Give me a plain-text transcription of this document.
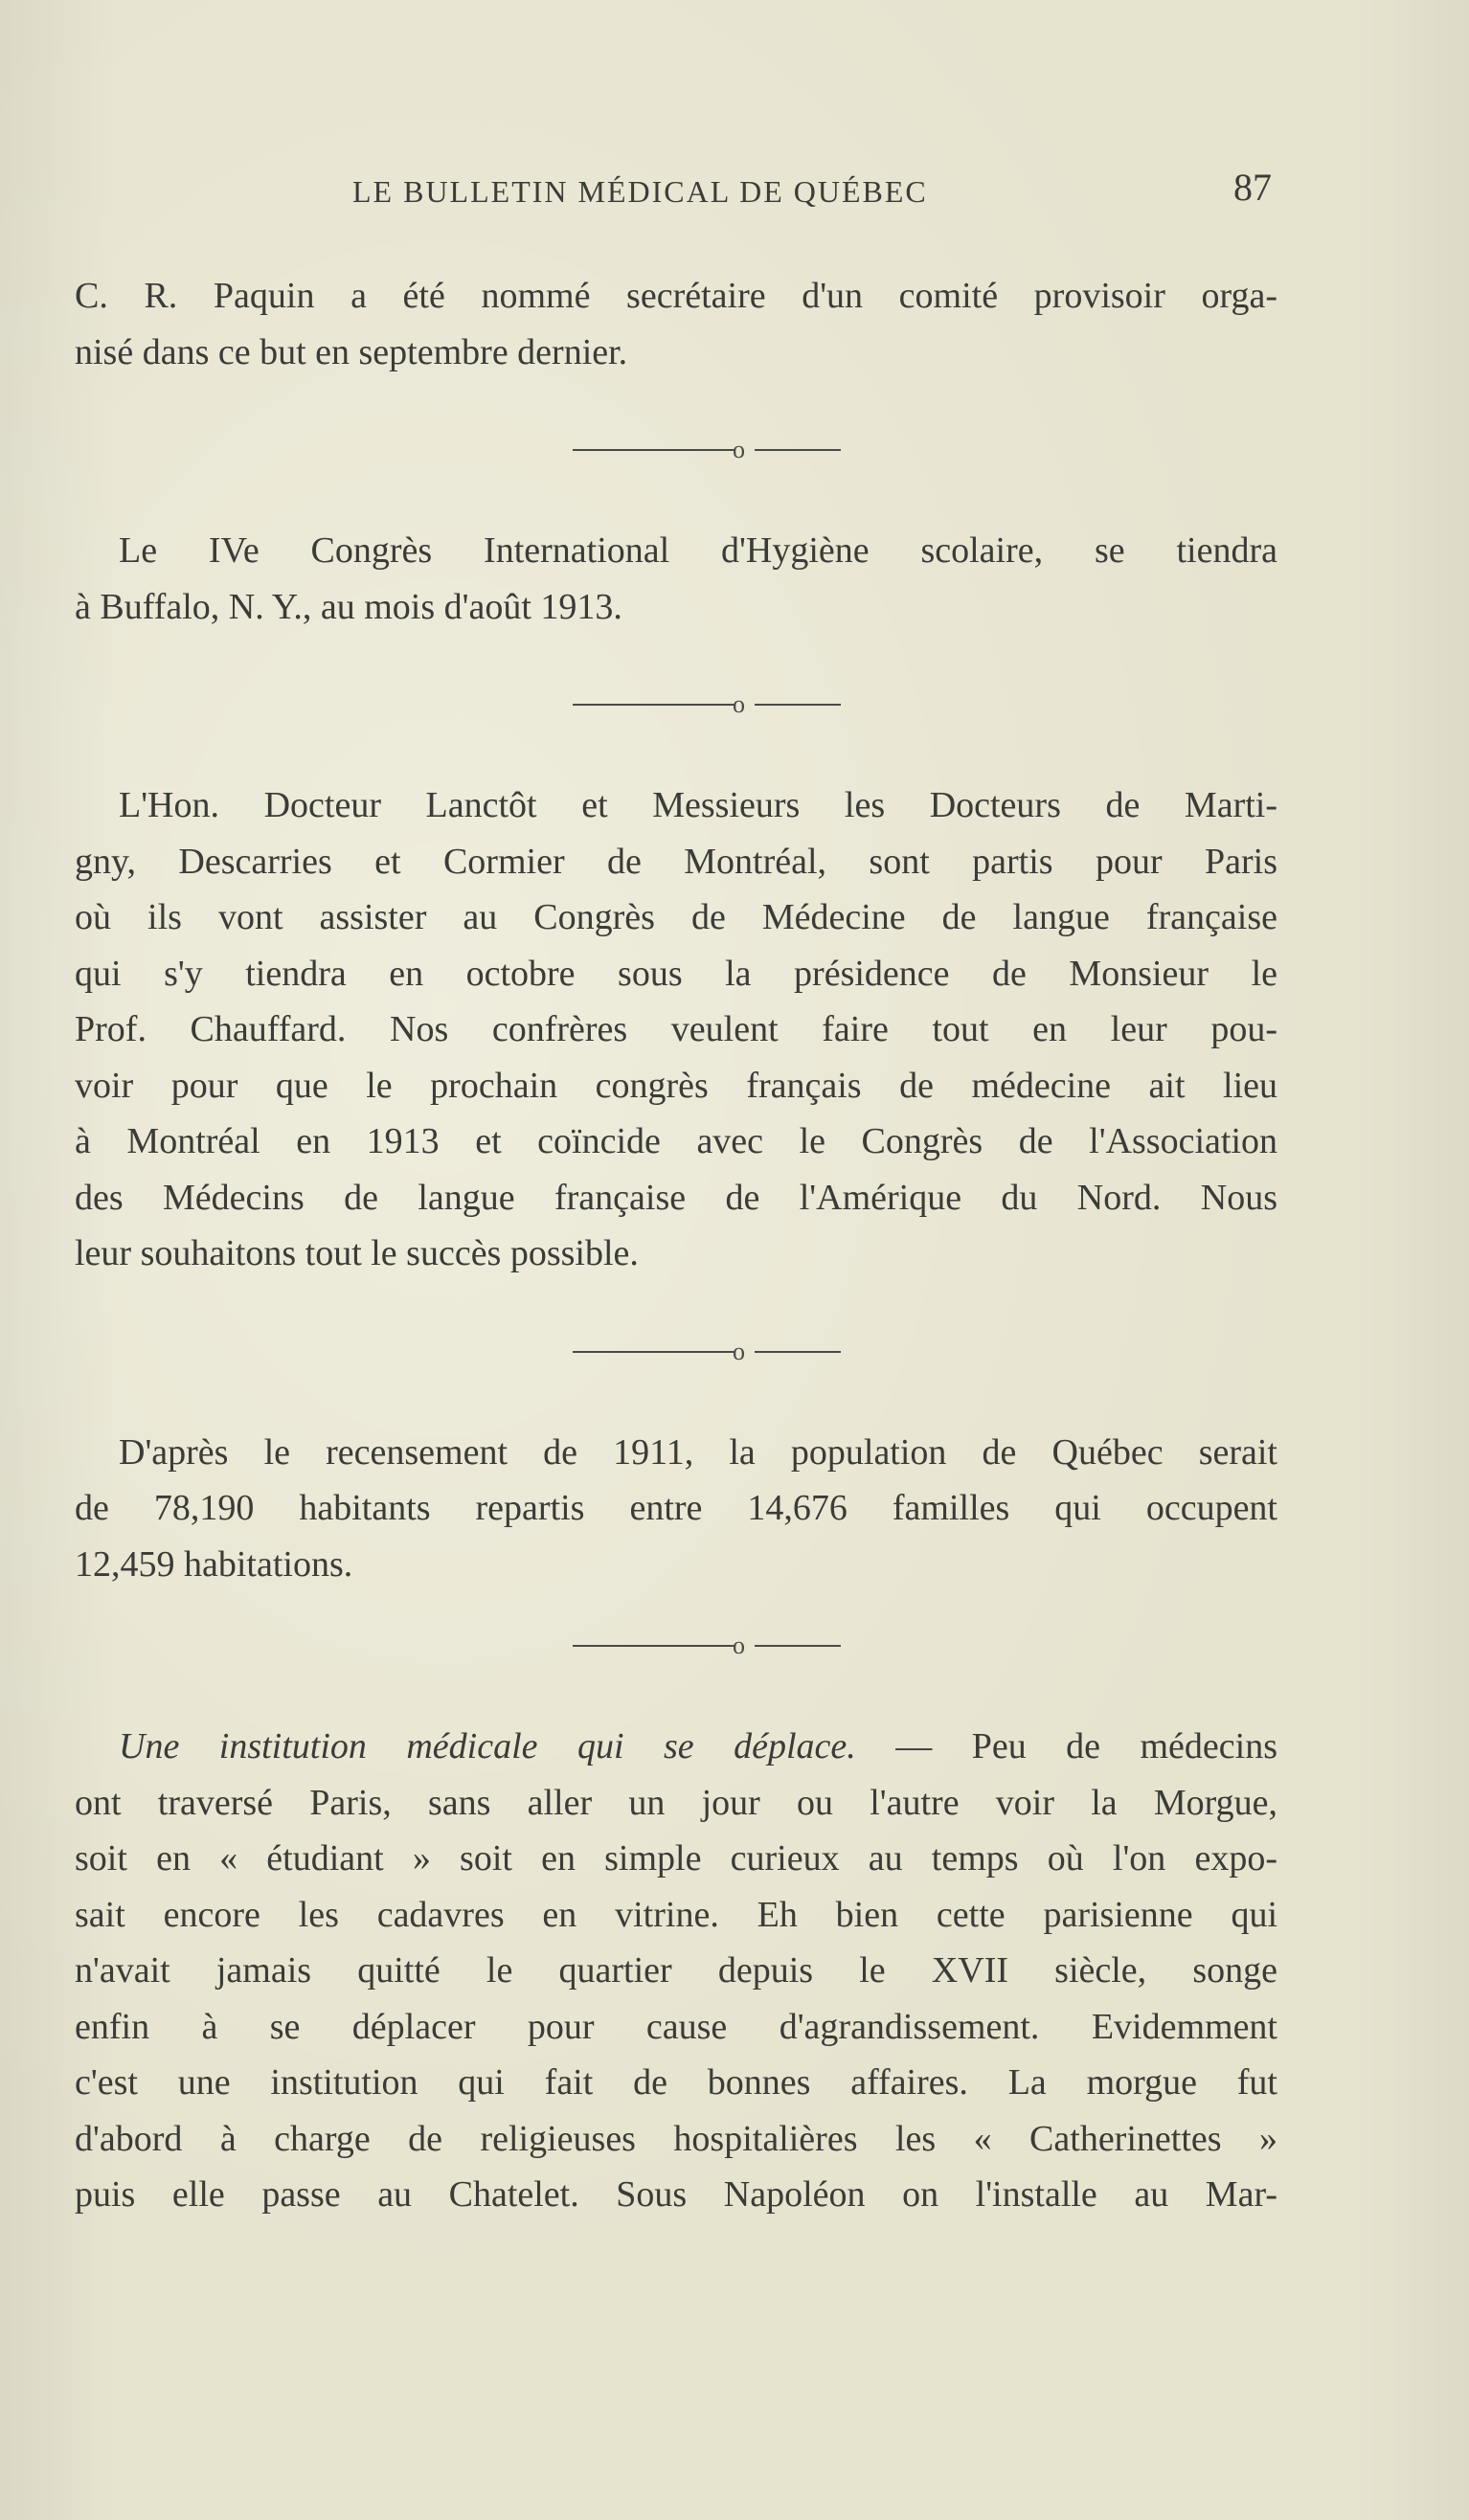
LE BULLETIN MÉDICAL DE QUÉBEC	87
C. R. Paquin a été nommé secrétaire d'un comité provisoir orga-
nisé dans ce but en septembre dernier.
o
Le IVe Congrès International d'Hygiène scolaire, se tiendra
à Buffalo, N. Y., au mois d'août 1913.
o
L'Hon. Docteur Lanctôt et Messieurs les Docteurs de Marti-
gny, Descarries et Cormier de Montréal, sont partis pour Paris
où ils vont assister au Congrès de Médecine de langue française
qui s'y tiendra en octobre sous la présidence de Monsieur le
Prof. Chauffard. Nos confrères veulent faire tout en leur pou-
voir pour que le prochain congrès français de médecine ait lieu
à Montréal en 1913 et coïncide avec le Congrès de l'Association
des Médecins de langue française de l'Amérique du Nord. Nous
leur souhaitons tout le succès possible.
o
D'après le recensement de 1911, la population de Québec serait
de 78,190 habitants repartis entre 14,676 familles qui occupent
12,459 habitations.
o
Une institution médicale qui se déplace. — Peu de médecins
ont traversé Paris, sans aller un jour ou l'autre voir la Morgue,
soit en « étudiant » soit en simple curieux au temps où l'on expo-
sait encore les cadavres en vitrine. Eh bien cette parisienne qui
n'avait jamais quitté le quartier depuis le XVII siècle, songe
enfin à se déplacer pour cause d'agrandissement. Evidemment
c'est une institution qui fait de bonnes affaires. La morgue fut
d'abord à charge de religieuses hospitalières les « Catherinettes »
puis elle passe au Chatelet. Sous Napoléon on l'installe au Mar-
